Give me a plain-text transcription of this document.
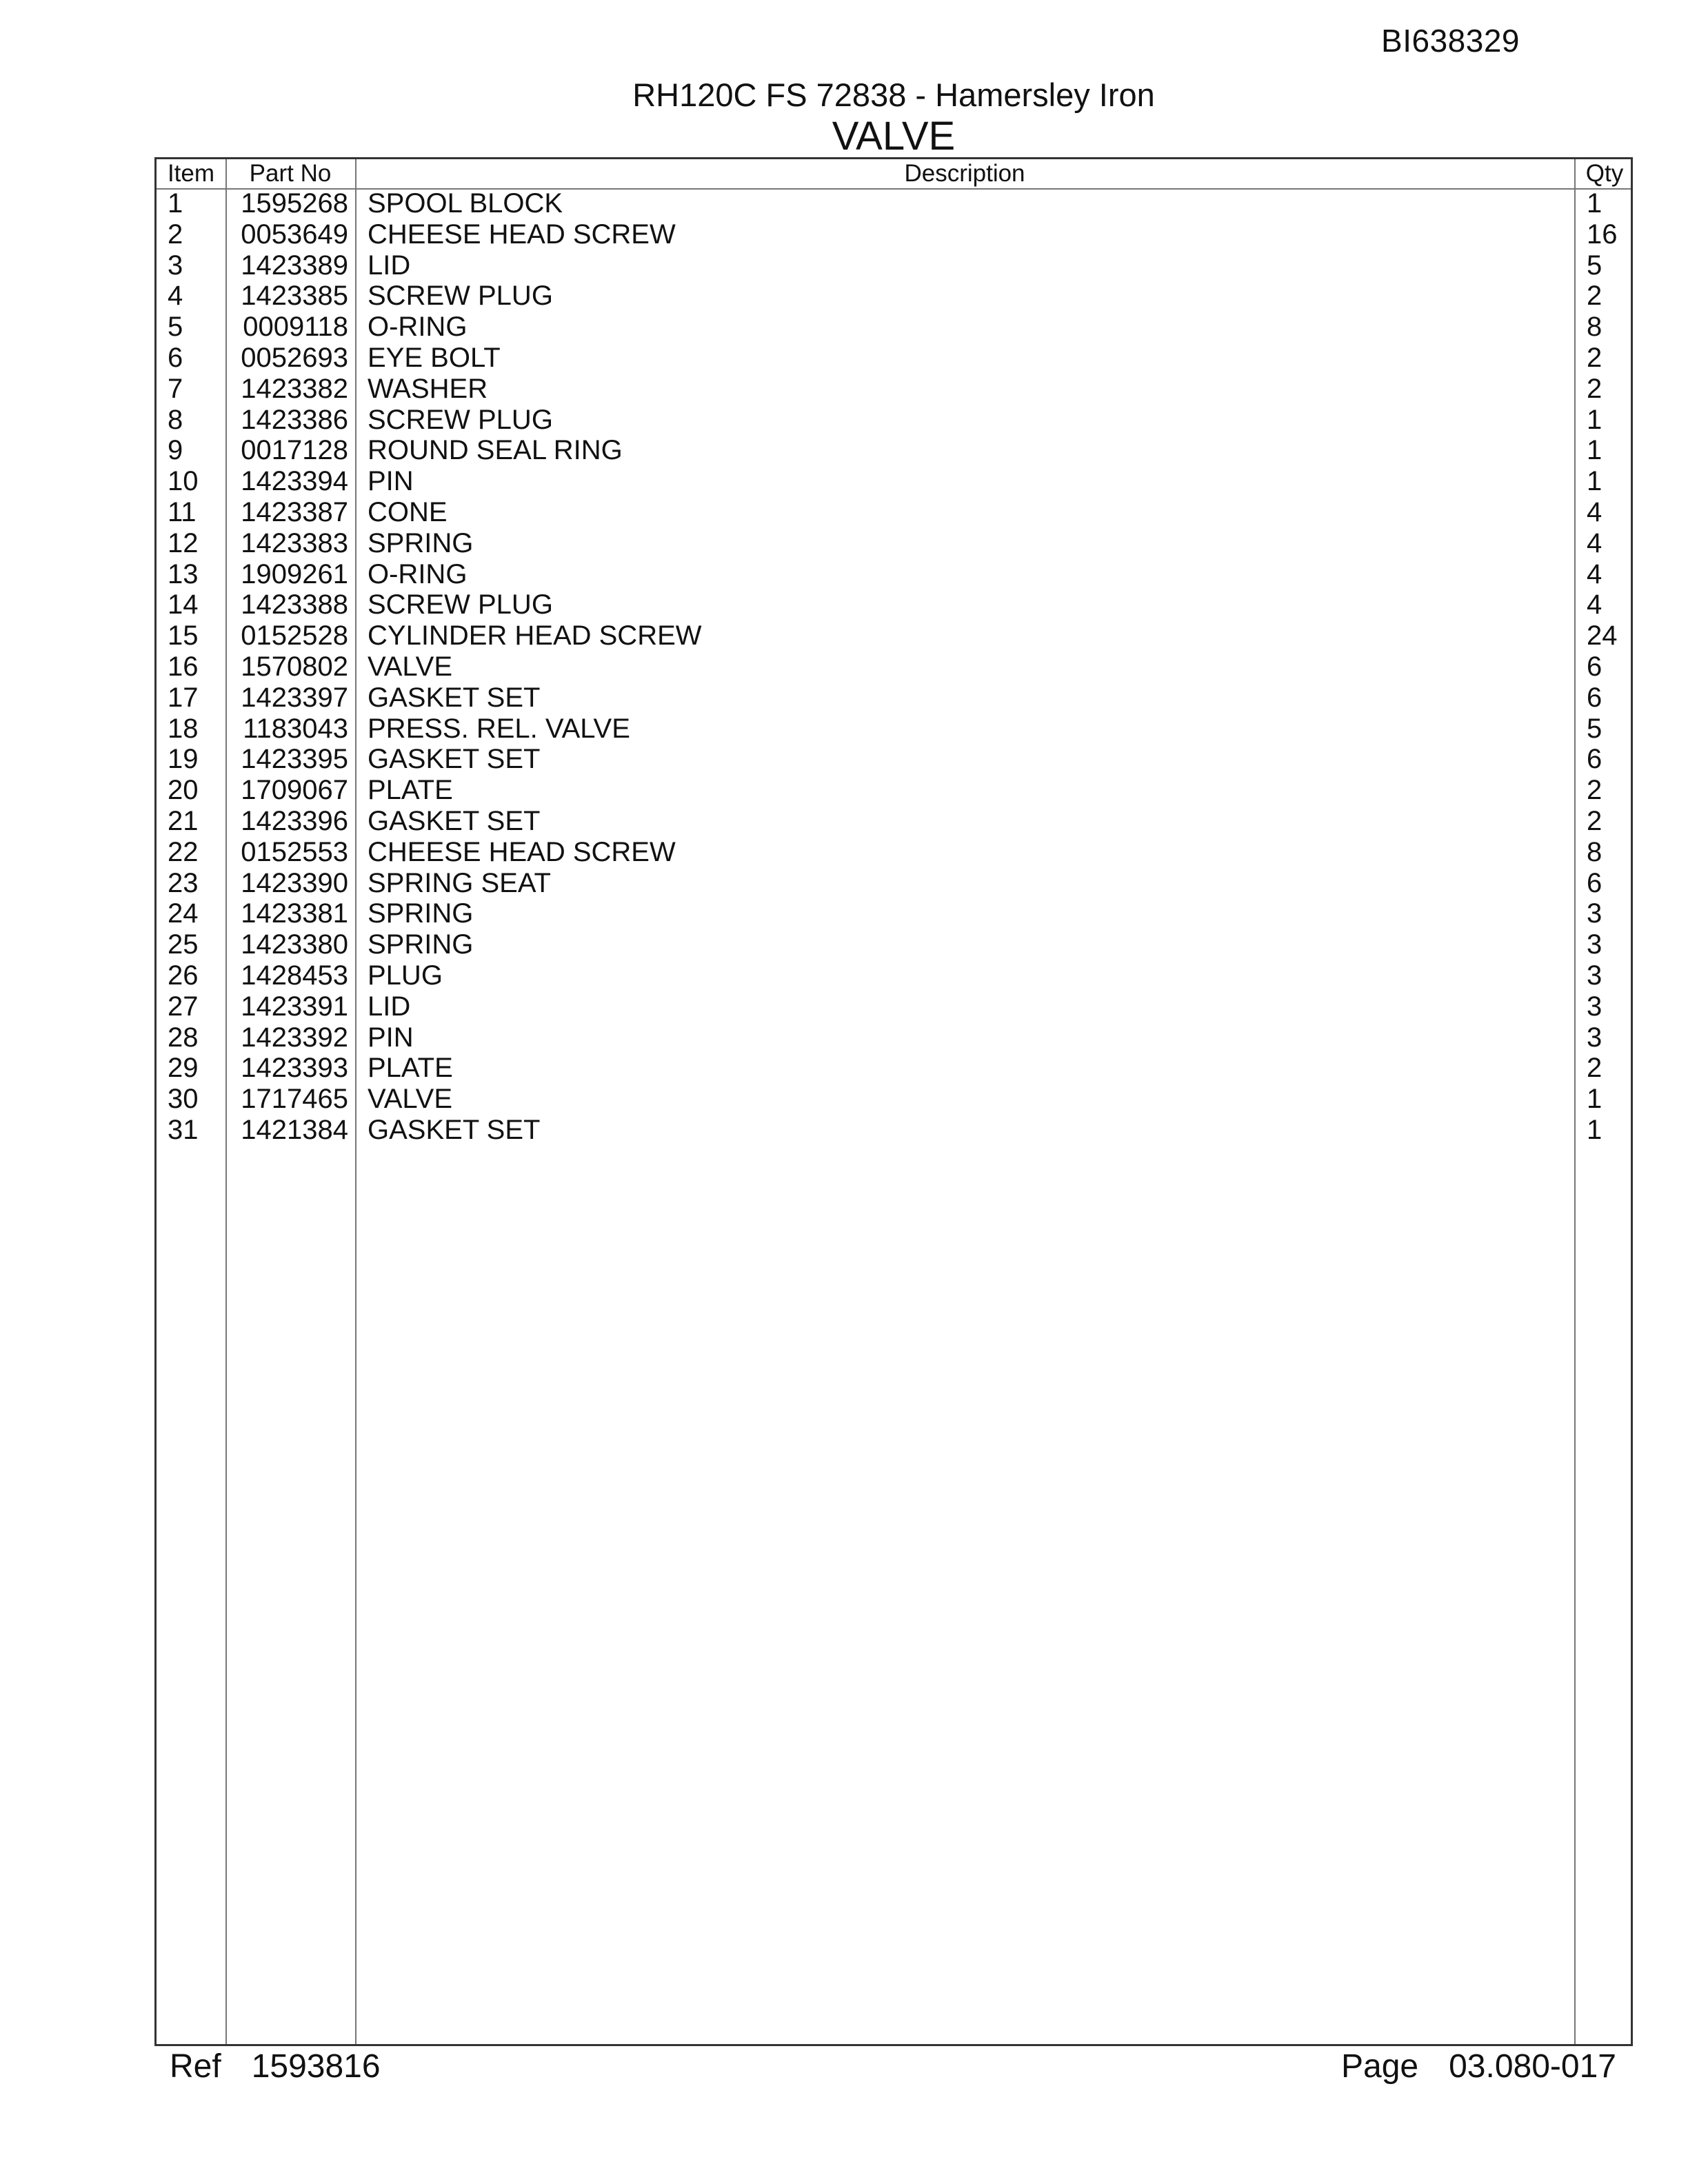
BI638329
RH120C FS 72838 - Hamersley Iron
VALVE
Item	Part No	Description	Qty
1	1595268 SPOOL BLOCK	1
2	0053649 CHEESE HEAD SCREW	16
3	1423389 LID	5
4	1423385 SCREW PLUG	2
5	0009118 O-RING	8
6	0052693 EYE BOLT	2
7	1423382 WASHER	2
8	1423386 SCREW PLUG	1
9	0017128 ROUND SEAL RING	1
10	1423394 PIN	1
11	1423387 CONE	4
12	1423383 SPRING	4
13	1909261 O-RING	4
14	1423388 SCREW PLUG	4
15	0152528 CYLINDER HEAD SCREW	24
16	1570802 VALVE	6
17	1423397 GASKET SET	6
18	1183043 PRESS. REL. VALVE	5
19	1423395 GASKET SET	6
20	1709067 PLATE	2
21	1423396 GASKET SET	2
22	0152553 CHEESE HEAD SCREW	8
23	1423390 SPRING SEAT	6
24	1423381 SPRING	3
25	1423380 SPRING	3
26	1428453 PLUG	3
27	1423391 LID	3
28	1423392 PIN	3
29	1423393 PLATE	2
30	1717465 VALVE	1
31	1421384 GASKET SET	1
Ref 1593816	Page 03.080-017
